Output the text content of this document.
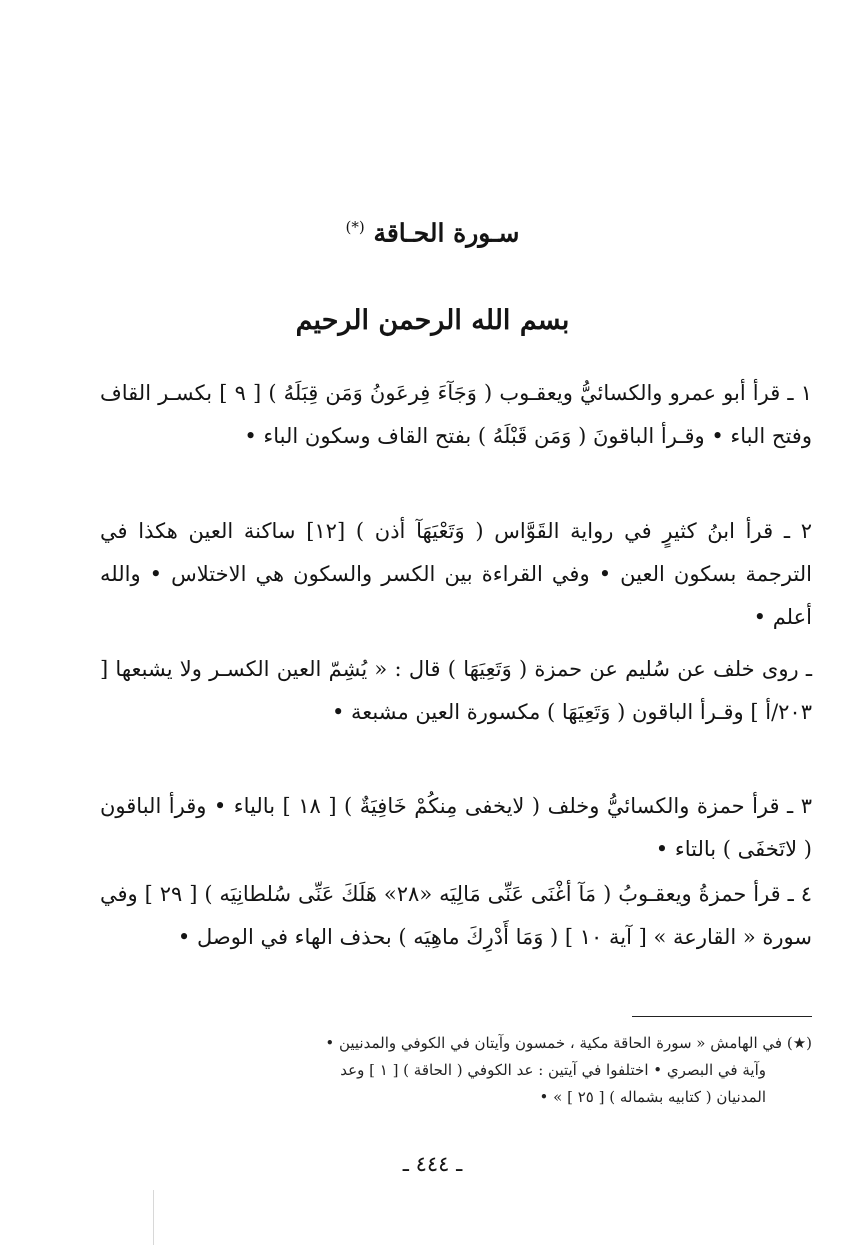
سـورة الحـاقة (*)
بسم الله الرحمن الرحيم
١ ـ قرأ أبو عمرو والكسائيُّ ويعقـوب ( وَجَآءَ فِرعَونُ وَمَن قِبَلَهُ ) [ ٩ ] بكسـر القاف وفتح الباء • وقـرأ الباقونَ ( وَمَن قَبْلَهُ ) بفتح القاف وسكون الباء •
٢ ـ قرأ ابنُ كثيرٍ في رواية القَوَّاس ( وَتَعْيَهَآ أذن ) [١٢] ساكنة العين هكذا في الترجمة بسكون العين • وفي القراءة بين الكسر والسكون هي الاختلاس • والله أعلم •
ـ روى خلف عن سُليم عن حمزة ( وَتَعِيَهَا ) قال : « يُشِمّ العين الكسـر ولا يشبعها [ ٢٠٣/أ ] وقـرأ الباقون ( وَتَعِيَهَا ) مكسورة العين مشبعة •
٣ ـ قرأ حمزة والكسائيُّ وخلف ( لايخفى مِنكُمْ خَافِيَةٌ ) [ ١٨ ] بالياء • وقرأ الباقون ( لاتَخفَى ) بالتاء •
٤ ـ قرأ حمزةُ ويعقـوبُ ( مَآ أغْنَى عَنِّى مَالِيَه «٢٨» هَلَكَ عَنِّى سُلطانِيَه ) [ ٢٩ ] وفي سورة « القارعة » [ آية ١٠ ] ( وَمَا أَدْرِكَ ماهِيَه ) بحذف الهاء في الوصل •
(★) في الهامش « سورة الحاقة مكية ، خمسون وآيتان في الكوفي والمدنيين •
وآية في البصري • اختلفوا في آيتين : عد الكوفي ( الحاقة ) [ ١ ] وعد
المدنيان ( كتابيه بشماله ) [ ٢٥ ] » •
ـ ٤٤٤ ـ
